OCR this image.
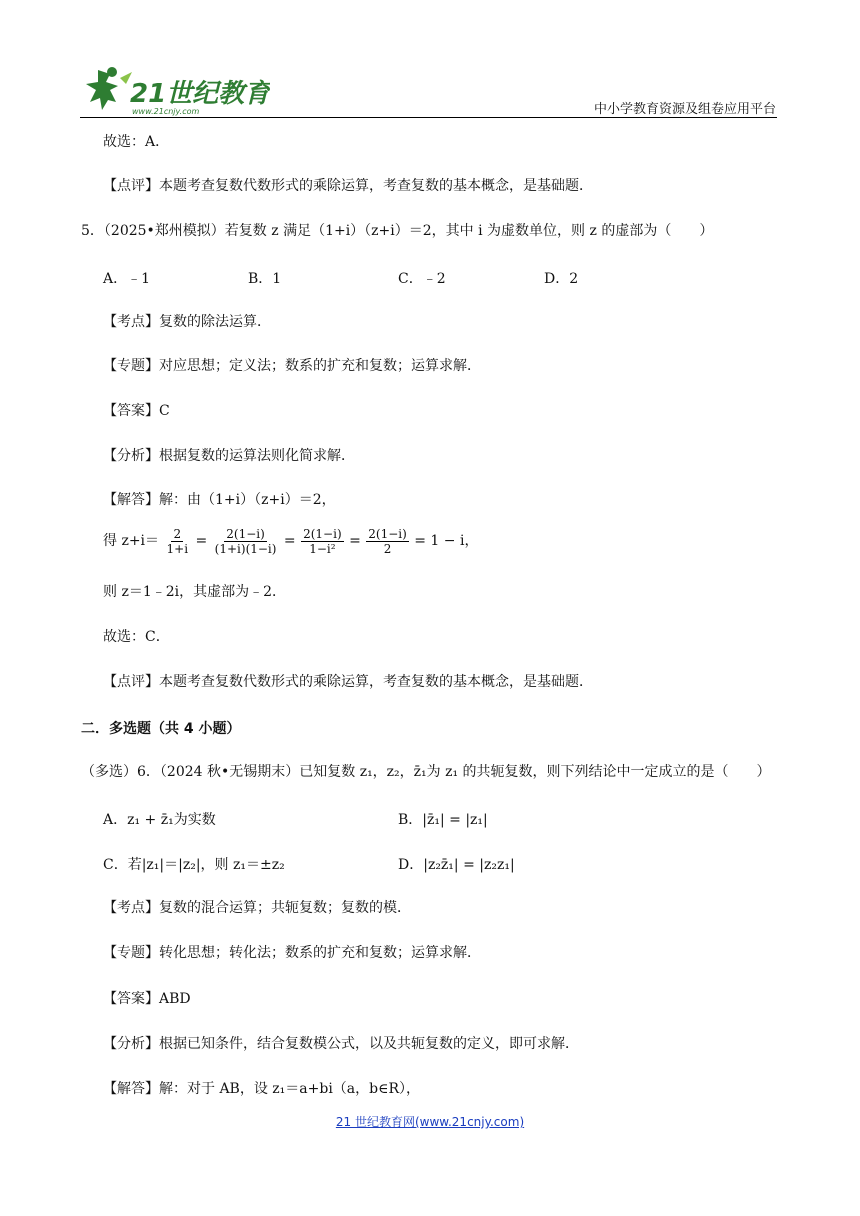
21世纪教育
www.21cnjy.com	中小学教育资源及组卷应用平台
故选：A．
【点评】本题考查复数代数形式的乘除运算，考查复数的基本概念，是基础题．
5．（2025•郑州模拟）若复数 z 满足（1+i）（z+i）＝2，其中 i 为虚数单位，则 z 的虚部为（　　）
A．﹣1	B．1	C．﹣2	D．2
【考点】复数的除法运算．
【专题】对应思想；定义法；数系的扩充和复数；运算求解．
【答案】C
【分析】根据复数的运算法则化简求解．
【解答】解：由（1+i）（z+i）＝2，
得 $z+i= \frac{2}{1+i} = \frac{2(1-i)}{(1+i)(1-i)} = \frac{2(1-i)}{\text{1−i²}} = \frac{2(1-i)}{2} = 1 - i$，
则 z＝1﹣2i，其虚部为﹣2．
故选：C．
【点评】本题考查复数代数形式的乘除运算，考查复数的基本概念，是基础题．
二．多选题（共 4 小题）
（多选）6．（2024 秋•无锡期末）已知复数 z₁，z₂，z̄₁为 z₁ 的共轭复数，则下列结论中一定成立的是（　　）
A．z₁ + z̄₁为实数	B．|z̄₁| = |z₁|
C．若|z₁|＝|z₂|，则 z₁＝±z₂	D．|z₂z̄₁| = |z₂z₁|
【考点】复数的混合运算；共轭复数；复数的模．
【专题】转化思想；转化法；数系的扩充和复数；运算求解．
【答案】ABD
【分析】根据已知条件，结合复数模公式，以及共轭复数的定义，即可求解．
【解答】解：对于 AB，设 z₁＝a+bi（a，b∈R），
21 世纪教育网(www.21cnjy.com)
